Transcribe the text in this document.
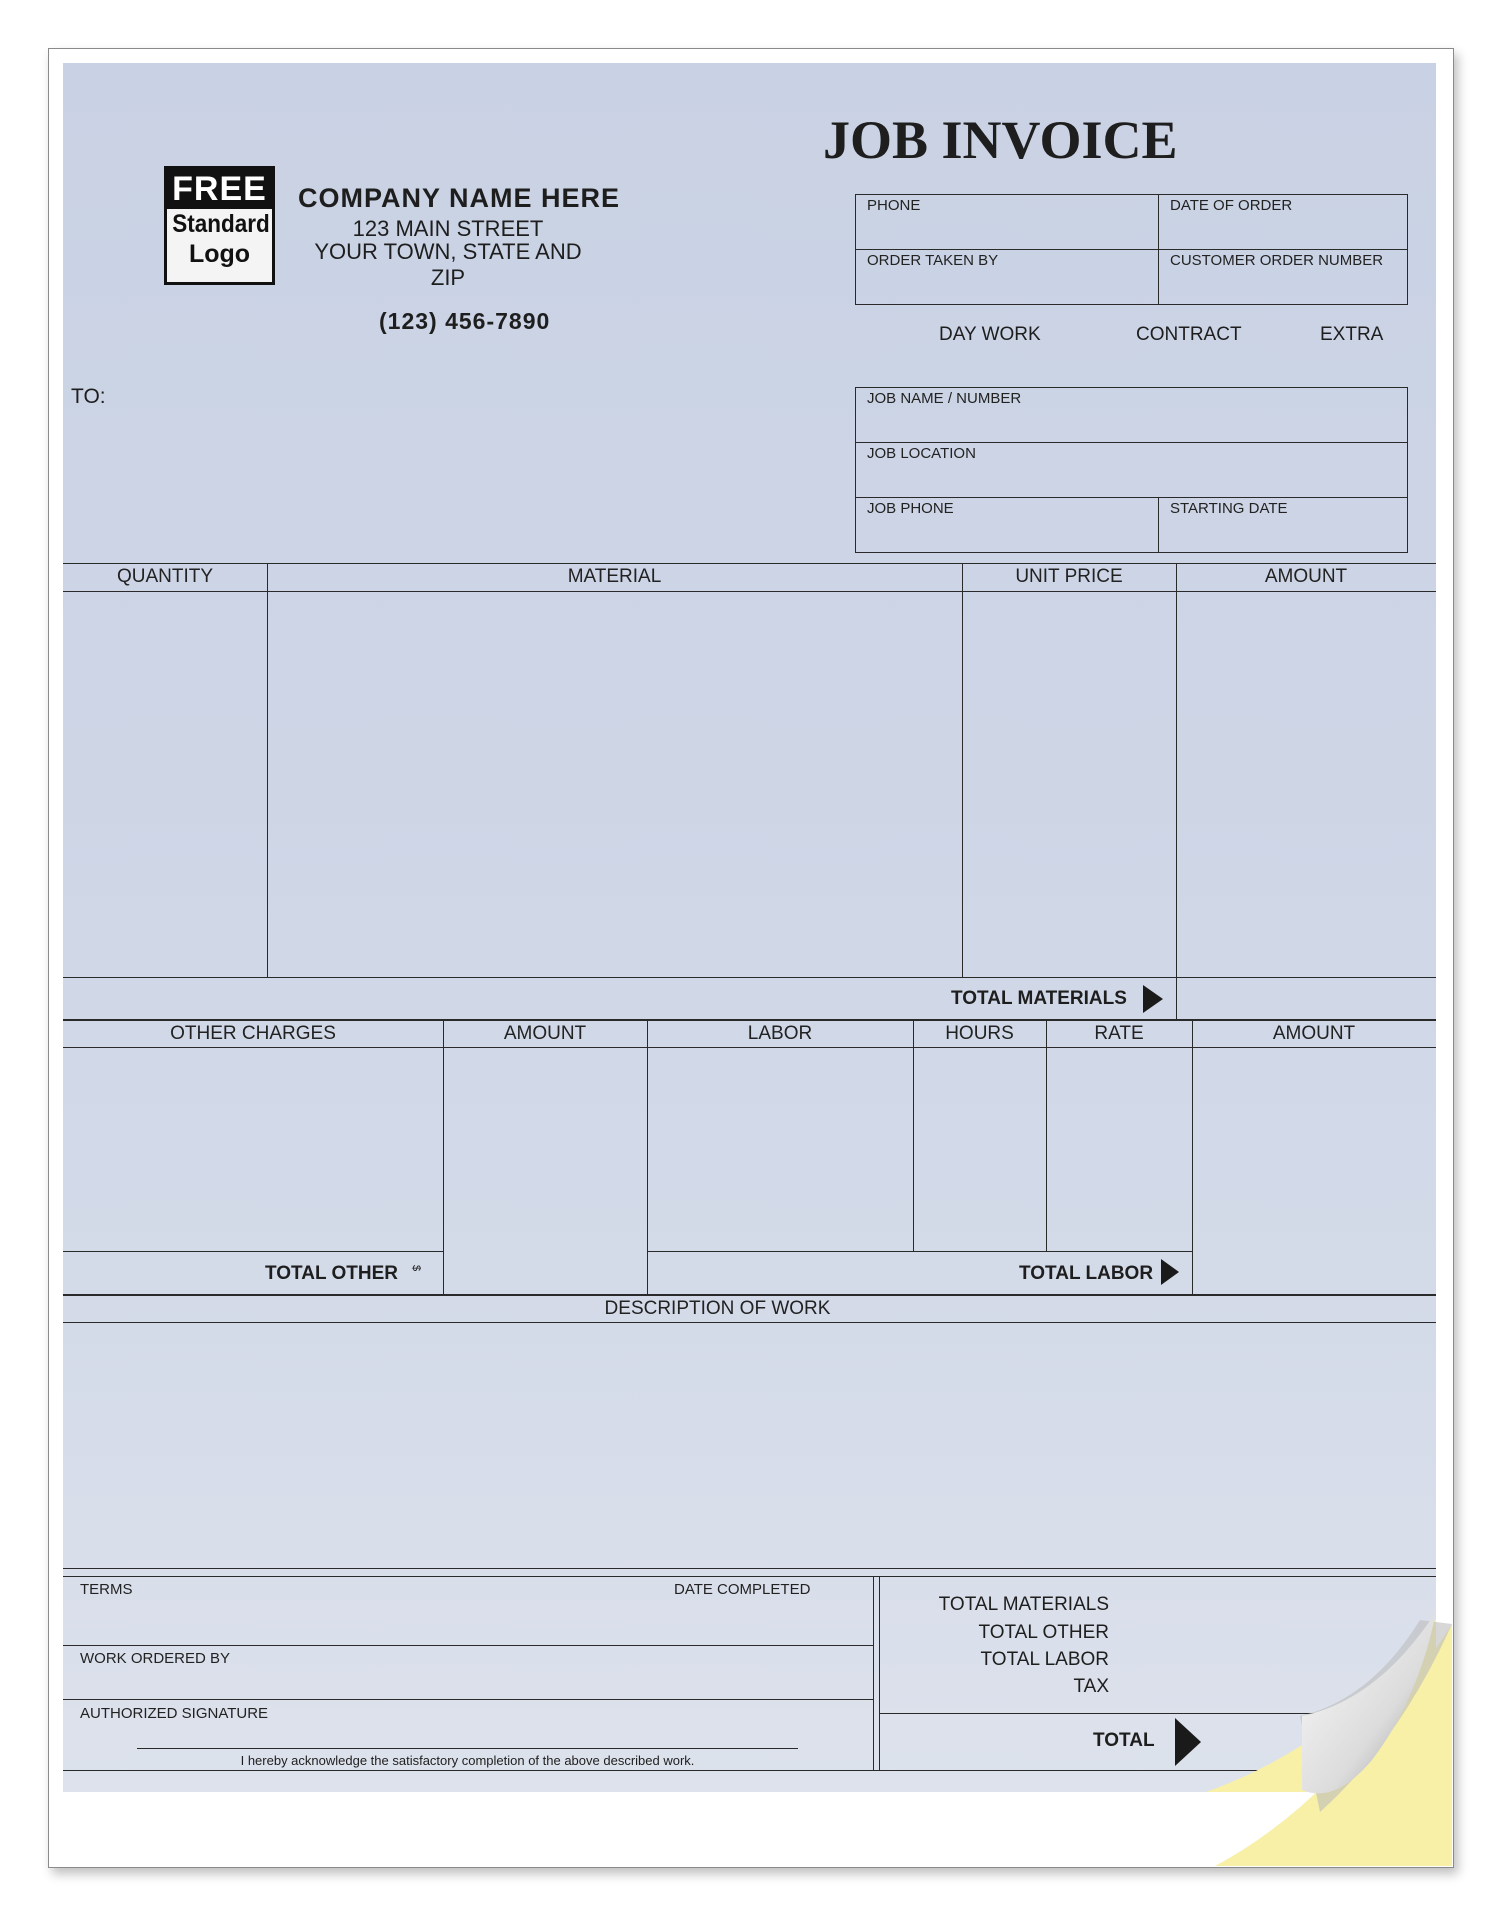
FREE
Standard
Logo
COMPANY NAME HERE
123 MAIN STREET
YOUR TOWN, STATE AND ZIP
(123) 456-7890
JOB INVOICE
TO:
PHONE	DATE OF ORDER
ORDER TAKEN BY	CUSTOMER ORDER NUMBER
DAY WORK	CONTRACT	EXTRA
JOB NAME / NUMBER
JOB LOCATION
JOB PHONE	STARTING DATE
QUANTITY	MATERIAL	UNIT PRICE	AMOUNT
TOTAL MATERIALS
OTHER CHARGES	AMOUNT	LABOR	HOURS	RATE	AMOUNT
TOTAL OTHER $	TOTAL LABOR
DESCRIPTION OF WORK
TERMS	DATE COMPLETED
WORK ORDERED BY
AUTHORIZED SIGNATURE
I hereby acknowledge the satisfactory completion of the above described work.
TOTAL MATERIALS
TOTAL OTHER
TOTAL LABOR
TAX
TOTAL
